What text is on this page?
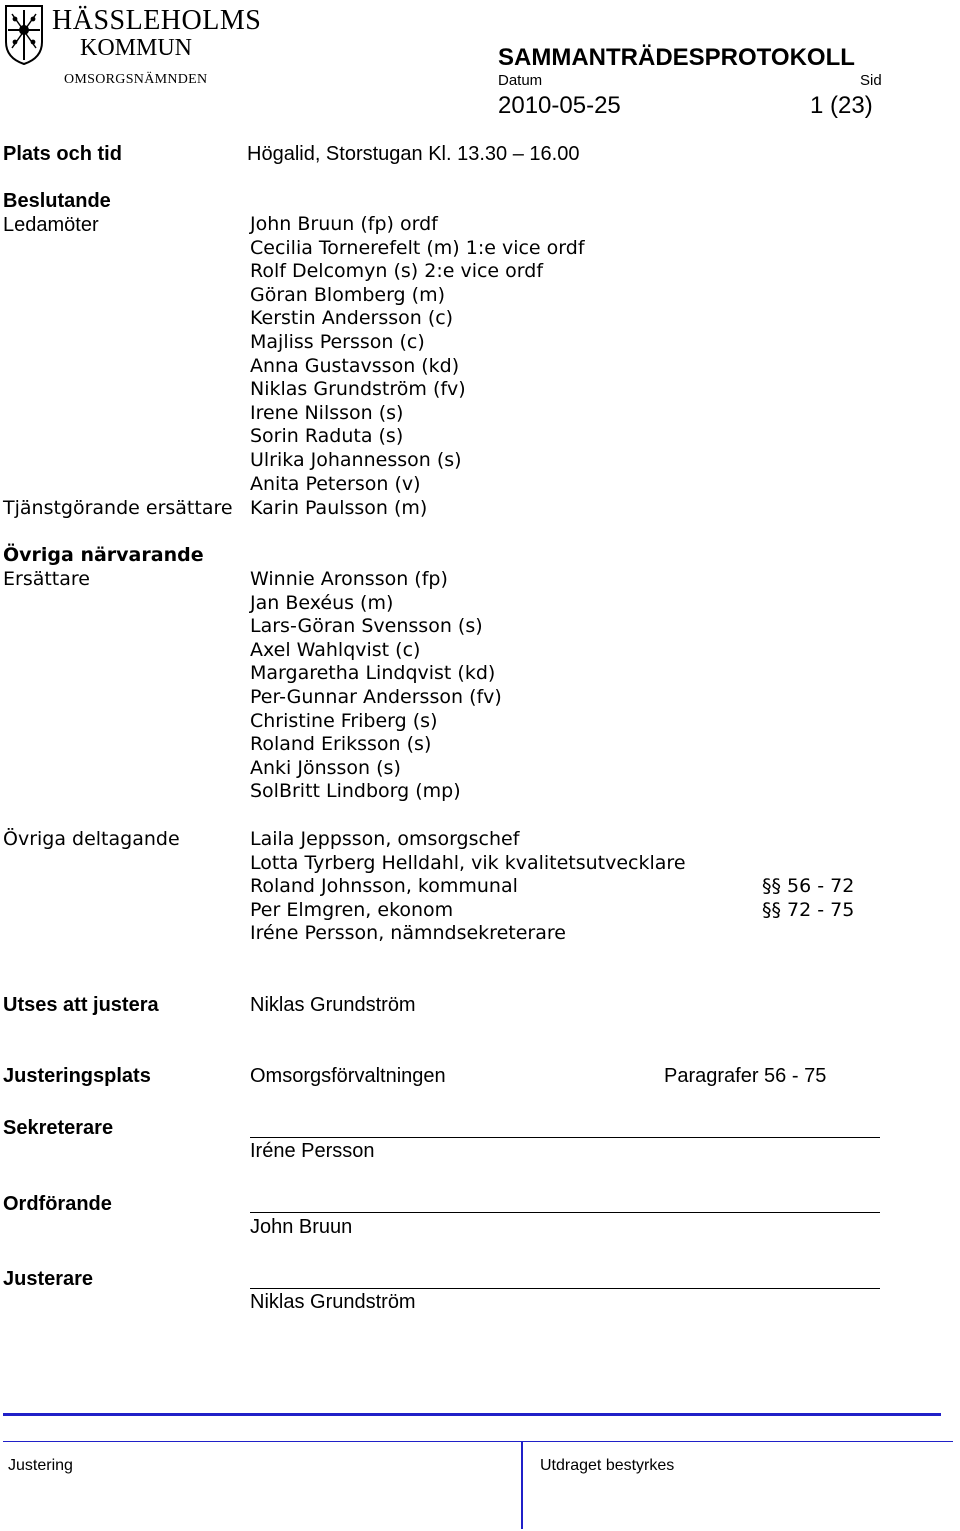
HÄSSLEHOLMS
KOMMUN
OMSORGSNÄMNDEN
SAMMANTRÄDESPROTOKOLL
Datum	Sid
2010-05-25	1 (23)
Plats och tid	Högalid, Storstugan Kl. 13.30 – 16.00
Beslutande
Ledamöter	John Bruun (fp) ordf
Cecilia Tornerefelt (m) 1:e vice ordf
Rolf Delcomyn (s) 2:e vice ordf
Göran Blomberg (m)
Kerstin Andersson (c)
Majliss Persson (c)
Anna Gustavsson (kd)
Niklas Grundström (fv)
Irene Nilsson (s)
Sorin Raduta (s)
Ulrika Johannesson (s)
Anita Peterson (v)
Tjänstgörande ersättare Karin Paulsson (m)
Övriga närvarande
Ersättare	Winnie Aronsson (fp)
Jan Bexéus (m)
Lars-Göran Svensson (s)
Axel Wahlqvist (c)
Margaretha Lindqvist (kd)
Per-Gunnar Andersson (fv)
Christine Friberg (s)
Roland Eriksson (s)
Anki Jönsson (s)
SolBritt Lindborg (mp)
Övriga deltagande	Laila Jeppsson, omsorgschef
Lotta Tyrberg Helldahl, vik kvalitetsutvecklare
Roland Johnsson, kommunal	§§ 56 - 72
Per Elmgren, ekonom	§§ 72 - 75
Iréne Persson, nämndsekreterare
Utses att justera	Niklas Grundström
Justeringsplats	Omsorgsförvaltningen	Paragrafer 56 - 75
Sekreterare
Iréne Persson
Ordförande
John Bruun
Justerare
Niklas Grundström
Justering	Utdraget bestyrkes
